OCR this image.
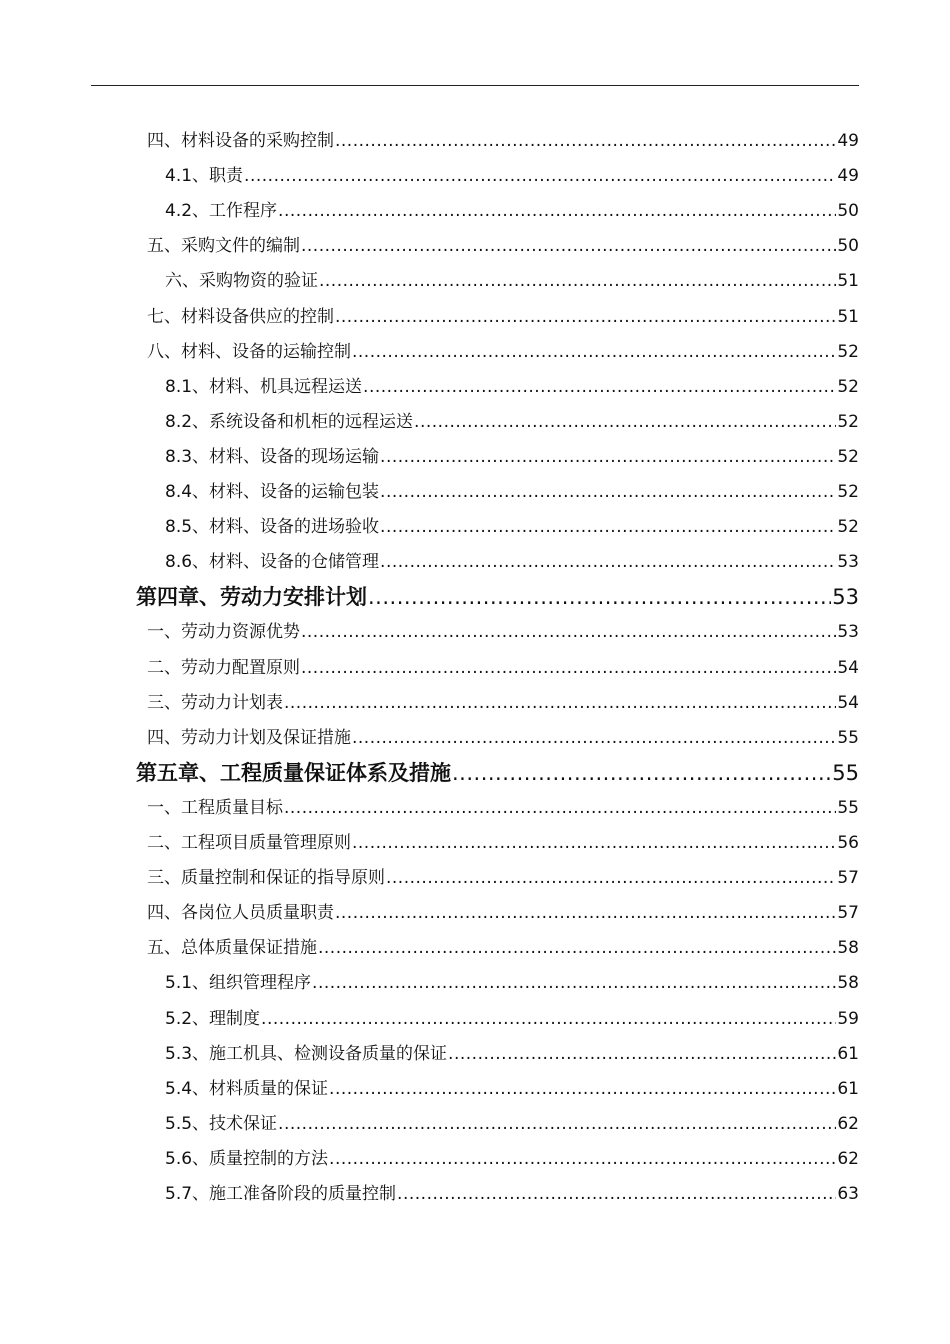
四、材料设备的采购控制 .....	49
4.1、职责 .....	49
4.2、工作程序 .....	50
五、采购文件的编制 .....	50
六、采购物资的验证 .....	51
七、材料设备供应的控制 .....	51
八、材料、设备的运输控制 .....	52
8.1、材料、机具远程运送 .....	52
8.2、系统设备和机柜的远程运送 .....	52
8.3、材料、设备的现场运输 .....	52
8.4、材料、设备的运输包装 .....	52
8.5、材料、设备的进场验收 .....	52
8.6、材料、设备的仓储管理 .....	53
第四章、劳动力安排计划 .....	53
一、劳动力资源优势 .....	53
二、劳动力配置原则 .....	54
三、劳动力计划表 .....	54
四、劳动力计划及保证措施 .....	55
第五章、工程质量保证体系及措施 .....	55
一、工程质量目标 .....	55
二、工程项目质量管理原则 .....	56
三、质量控制和保证的指导原则 .....	57
四、各岗位人员质量职责 .....	57
五、总体质量保证措施 .....	58
5.1、组织管理程序 .....	58
5.2、理制度 .....	59
5.3、施工机具、检测设备质量的保证 .....	61
5.4、材料质量的保证 .....	61
5.5、技术保证 .....	62
5.6、质量控制的方法 .....	62
5.7、施工准备阶段的质量控制 .....	63
